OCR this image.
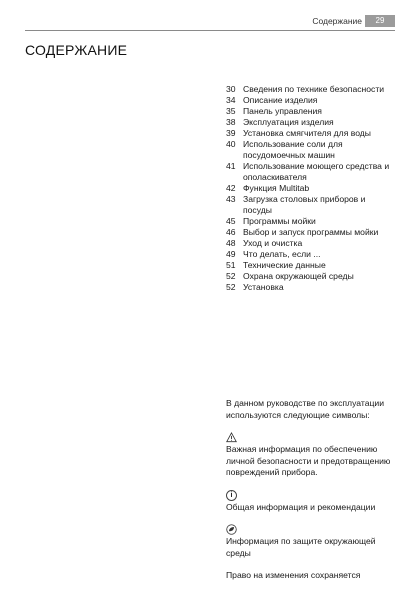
Содержание	29
СОДЕРЖАНИЕ
30 Сведения по технике безопасности
34 Описание изделия
35 Панель управления
38 Эксплуатация изделия
39 Установка смягчителя для воды
40 Использование соли для посудомоечных машин
41 Использование моющего средства и ополаскивателя
42 Функция Multitab
43 Загрузка столовых приборов и посуды
45 Программы мойки
46 Выбор и запуск программы мойки
48 Уход и очистка
49 Что делать, если ...
51 Технические данные
52 Охрана окружающей среды
52 Установка

В данном руководстве по эксплуатации используются следующие символы:

Важная информация по обеспечению личной безопасности и предотвращению повреждений прибора.

i

Общая информация и рекомендации

Информация по защите окружающей среды

Право на изменения сохраняется
